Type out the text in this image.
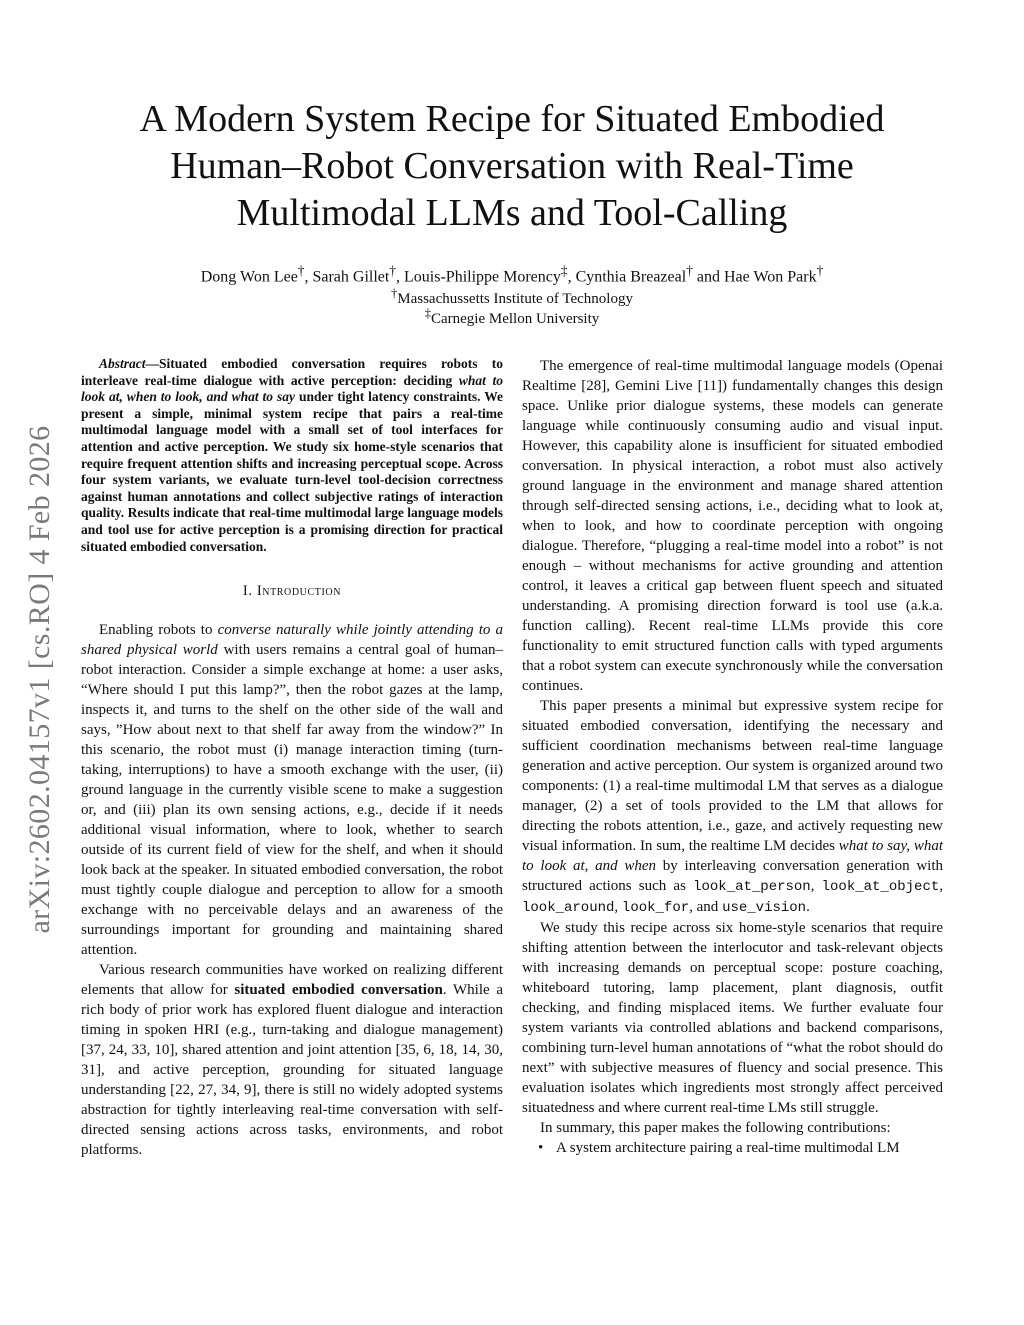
arXiv:2602.04157v1 [cs.RO] 4 Feb 2026
A Modern System Recipe for Situated Embodied
Human–Robot Conversation with Real-Time
Multimodal LLMs and Tool-Calling
Dong Won Lee†, Sarah Gillet†, Louis-Philippe Morency‡, Cynthia Breazeal† and Hae Won Park†
†Massachussetts Institute of Technology
‡Carnegie Mellon University

Abstract—Situated embodied conversation requires robots to interleave real-time dialogue with active perception: deciding what to look at, when to look, and what to say under tight latency constraints. We present a simple, minimal system recipe that pairs a real-time multimodal language model with a small set of tool interfaces for attention and active perception. We study six home-style scenarios that require frequent attention shifts and increasing perceptual scope. Across four system variants, we evaluate turn-level tool-decision correctness against human annotations and collect subjective ratings of interaction quality. Results indicate that real-time multimodal large language models and tool use for active perception is a promising direction for practical situated embodied conversation.

I. Introduction

Enabling robots to converse naturally while jointly attending to a shared physical world with users remains a central goal of human–robot interaction. Consider a simple exchange at home: a user asks, “Where should I put this lamp?”, then the robot gazes at the lamp, inspects it, and turns to the shelf on the other side of the wall and says, ”How about next to that shelf far away from the window?” In this scenario, the robot must (i) manage interaction timing (turn-taking, interruptions) to have a smooth exchange with the user, (ii) ground language in the currently visible scene to make a suggestion or, and (iii) plan its own sensing actions, e.g., decide if it needs additional visual information, where to look, whether to search outside of its current field of view for the shelf, and when it should look back at the speaker. In situated embodied conversation, the robot must tightly couple dialogue and perception to allow for a smooth exchange with no perceivable delays and an awareness of the surroundings important for grounding and maintaining shared attention.

Various research communities have worked on realizing different elements that allow for situated embodied conversation. While a rich body of prior work has explored fluent dialogue and interaction timing in spoken HRI (e.g., turn-taking and dialogue management) [37, 24, 33, 10], shared attention and joint attention [35, 6, 18, 14, 30, 31], and active perception, grounding for situated language understanding [22, 27, 34, 9], there is still no widely adopted systems abstraction for tightly interleaving real-time conversation with self-directed sensing actions across tasks, environments, and robot platforms.

The emergence of real-time multimodal language models (Openai Realtime [28], Gemini Live [11]) fundamentally changes this design space. Unlike prior dialogue systems, these models can generate language while continuously consuming audio and visual input. However, this capability alone is insufficient for situated embodied conversation. In physical interaction, a robot must also actively ground language in the environment and manage shared attention through self-directed sensing actions, i.e., deciding what to look at, when to look, and how to coordinate perception with ongoing dialogue. Therefore, “plugging a real-time model into a robot” is not enough – without mechanisms for active grounding and attention control, it leaves a critical gap between fluent speech and situated understanding. A promising direction forward is tool use (a.k.a. function calling). Recent real-time LLMs provide this core functionality to emit structured function calls with typed arguments that a robot system can execute synchronously while the conversation continues.

This paper presents a minimal but expressive system recipe for situated embodied conversation, identifying the necessary and sufficient coordination mechanisms between real-time language generation and active perception. Our system is organized around two components: (1) a real-time multimodal LM that serves as a dialogue manager, (2) a set of tools provided to the LM that allows for directing the robots attention, i.e., gaze, and actively requesting new visual information. In sum, the realtime LM decides what to say, what to look at, and when by interleaving conversation generation with structured actions such as look_at_person, look_at_object, look_around, look_for, and use_vision.

We study this recipe across six home-style scenarios that require shifting attention between the interlocutor and task-relevant objects with increasing demands on perceptual scope: posture coaching, whiteboard tutoring, lamp placement, plant diagnosis, outfit checking, and finding misplaced items. We further evaluate four system variants via controlled ablations and backend comparisons, combining turn-level human annotations of “what the robot should do next” with subjective measures of fluency and social presence. This evaluation isolates which ingredients most strongly affect perceived situatedness and where current real-time LMs still struggle.

In summary, this paper makes the following contributions:

• A system architecture pairing a real-time multimodal LM
